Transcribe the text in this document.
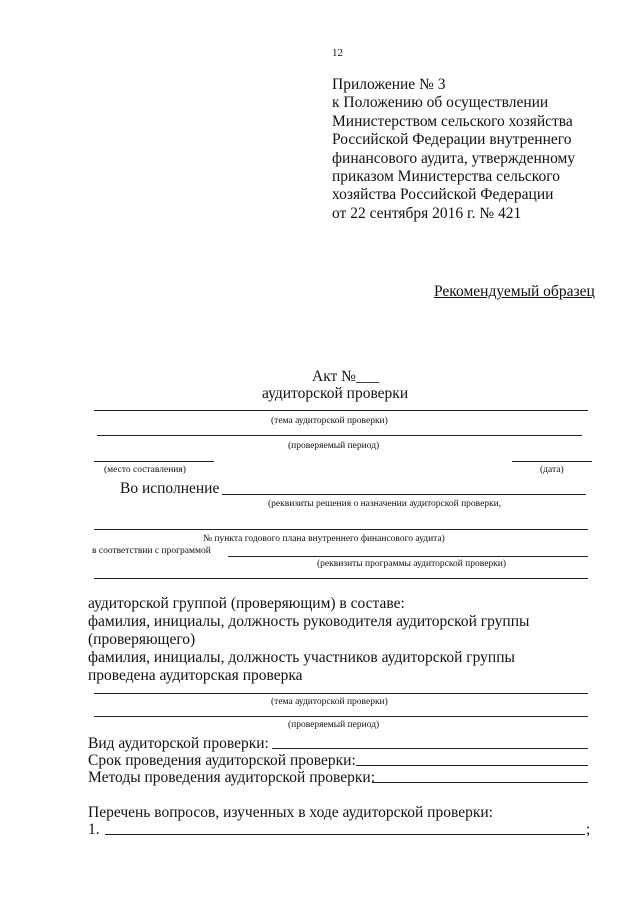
12
Приложение № 3
к Положению об осуществлении
Министерством сельского хозяйства
Российской Федерации внутреннего
финансового аудита, утвержденному
приказом Министерства сельского
хозяйства Российской Федерации
от 22 сентября 2016 г. № 421
Рекомендуемый образец
Акт №___
аудиторской проверки
(тема аудиторской проверки)
(проверяемый период)
(место составления)	(дата)
Во исполнение
(реквизиты решения о назначении аудиторской проверки,
№ пункта годового плана внутреннего финансового аудита)
в соответствии с программой
(реквизиты программы аудиторской проверки)
аудиторской группой (проверяющим) в составе:
фамилия, инициалы, должность руководителя аудиторской группы
(проверяющего)
фамилия, инициалы, должность участников аудиторской группы
проведена аудиторская проверка
(тема аудиторской проверки)
(проверяемый период)
Вид аудиторской проверки:
Срок проведения аудиторской проверки:
Методы проведения аудиторской проверки:
Перечень вопросов, изученных в ходе аудиторской проверки:
1.	;
